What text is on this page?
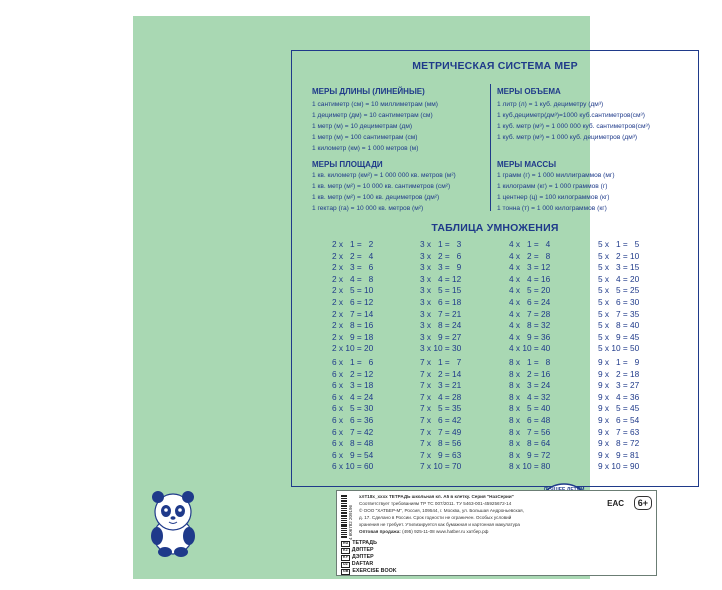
МЕТРИЧЕСКАЯ СИСТЕМА МЕР
МЕРЫ ДЛИНЫ (ЛИНЕЙНЫЕ)
1 сантиметр (см) = 10 миллиметрам (мм)
1 дециметр (дм) = 10 сантиметрам (см)
1 метр (м) = 10 дециметрам (дм)
1 метр (м) = 100 сантиметрам (см)
1 километр (км) = 1 000 метров (м)
МЕРЫ ПЛОЩАДИ
1 кв. километр (км²) = 1 000 000 кв. метров (м²)
1 кв. метр (м²) = 10 000 кв. сантиметров (см²)
1 кв. метр (м²) = 100 кв. дециметров (дм²)
1 гектар (га) = 10 000 кв. метров (м²)
МЕРЫ ОБЪЕМА
1 литр (л) = 1 куб. дециметру (дм³)
1 куб.дециметр(дм³)=1000 куб.сантиметров(см³)
1 куб. метр (м³) = 1 000 000 куб. сантиметров(см³)
1 куб. метр (м³) = 1 000 куб. дециметров (дм³)
МЕРЫ МАССЫ
1 грамм (г) = 1 000 миллиграммов (мг)
1 килограмм (кг) = 1 000 граммов (г)
1 центнер (ц) = 100 килограммов (кг)
1 тонна (т) = 1 000 килограммов (кг)
ТАБЛИЦА УМНОЖЕНИЯ
2 x  1 =  2
2 x  2 =  4
2 x  3 =  6
2 x  4 =  8
2 x  5 = 10
2 x  6 = 12
2 x  7 = 14
2 x  8 = 16
2 x  9 = 18
2 x 10 = 20
3 x  1 =  3
3 x  2 =  6
3 x  3 =  9
3 x  4 = 12
3 x  5 = 15
3 x  6 = 18
3 x  7 = 21
3 x  8 = 24
3 x  9 = 27
3 x 10 = 30
4 x  1 =  4
4 x  2 =  8
4 x  3 = 12
4 x  4 = 16
4 x  5 = 20
4 x  6 = 24
4 x  7 = 28
4 x  8 = 32
4 x  9 = 36
4 x 10 = 40
5 x  1 =  5
5 x  2 = 10
5 x  3 = 15
5 x  4 = 20
5 x  5 = 25
5 x  6 = 30
5 x  7 = 35
5 x  8 = 40
5 x  9 = 45
5 x 10 = 50
6 x  1 =  6
6 x  2 = 12
6 x  3 = 18
6 x  4 = 24
6 x  5 = 30
6 x  6 = 36
6 x  7 = 42
6 x  8 = 48
6 x  9 = 54
6 x 10 = 60
7 x  1 =  7
7 x  2 = 14
7 x  3 = 21
7 x  4 = 28
7 x  5 = 35
7 x  6 = 42
7 x  7 = 49
7 x  8 = 56
7 x  9 = 63
7 x 10 = 70
8 x  1 =  8
8 x  2 = 16
8 x  3 = 24
8 x  4 = 32
8 x  5 = 40
8 x  6 = 48
8 x  7 = 56
8 x  8 = 64
8 x  9 = 72
8 x 10 = 80
9 x  1 =  9
9 x  2 = 18
9 x  3 = 27
9 x  4 = 36
9 x  5 = 45
9 x  6 = 54
9 x  7 = 63
9 x  8 = 72
9 x  9 = 81
9 x 10 = 90
4 606782 209196
хлТ18х_хххх ТЕТРАДЬ школьная кл. А5 в клетку. Серия "НазСерии"
Соответствует требованиям ТР ТС 007/2011. ТУ 5463-001-45925672-14
© ООО "ХАТБЕР-М", Россия, 109544, г. Москва, ул. Большая Андроньевская,
д. 17. Сделано в России. Срок годности не ограничен. Особых условий
хранения не требует. Утилизируется как бумажная и картонная макулатура
Оптовая продажа: (495) 925-11-08 www.hatber.ru хатбер.рф
EAC	6+
RU ТЕТРАДЬ
KZ ДӘПТЕР
KY ДЭПТЕР
UZ DAFTAR
GB EXERCISE BOOK
